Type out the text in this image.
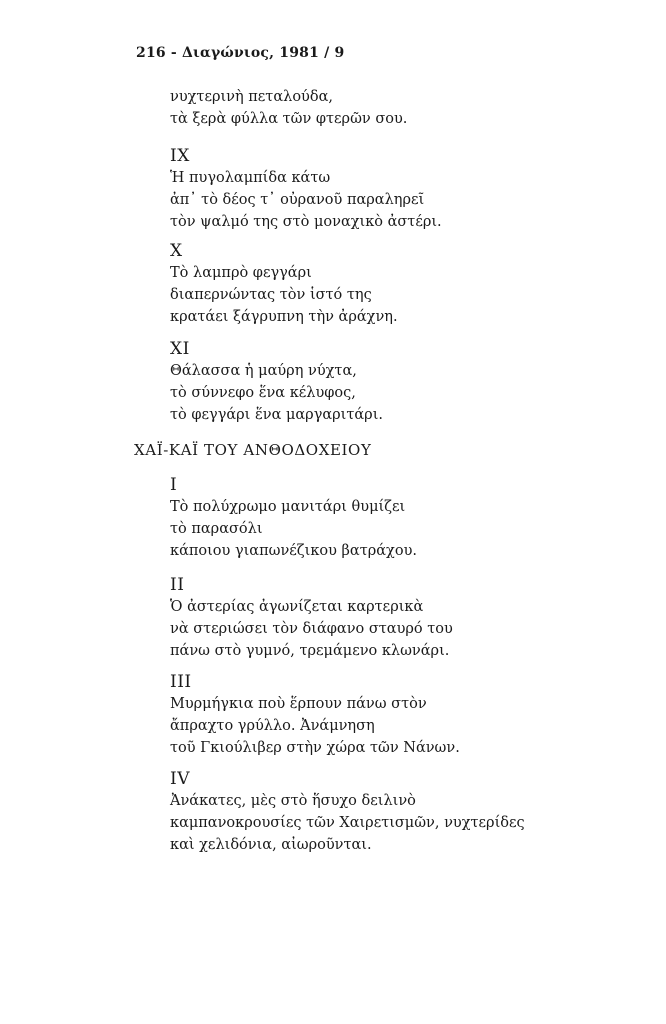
216 - Διαγώνιος, 1981 / 9
νυχτερινὴ πεταλούδα,
τὰ ξερὰ φύλλα τῶν φτερῶν σου.
IX
Ἡ πυγολαμπίδα κάτω
ἀπ᾿ τὸ δέος τ᾿ οὐρανοῦ παραληρεῖ
τὸν ψαλμό της στὸ μοναχικὸ ἀστέρι.
X
Τὸ λαμπρὸ φεγγάρι
διαπερνώντας τὸν ἱστό της
κρατάει ξάγρυπνη τὴν ἀράχνη.
XI
Θάλασσα ἡ μαύρη νύχτα,
τὸ σύννεφο ἕνα κέλυφος,
τὸ φεγγάρι ἕνα μαργαριτάρι.
ΧΑΪ-ΚΑΪ ΤΟΥ ΑΝΘΟΔΟΧΕΙΟΥ
I
Τὸ πολύχρωμο μανιτάρι θυμίζει
τὸ παρασόλι
κάποιου γιαπωνέζικου βατράχου.
II
Ὁ ἀστερίας ἀγωνίζεται καρτερικὰ
νὰ στεριώσει τὸν διάφανο σταυρό του
πάνω στὸ γυμνό, τρεμάμενο κλωνάρι.
III
Μυρμήγκια ποὺ ἕρπουν πάνω στὸν
ἄπραχτο γρύλλο. Ἀνάμνηση
τοῦ Γκιούλιβερ στὴν χώρα τῶν Νάνων.
IV
Ἀνάκατες, μὲς στὸ ἥσυχο δειλινὸ
καμπανοκρουσίες τῶν Χαιρετισμῶν, νυχτερίδες
καὶ χελιδόνια, αἰωροῦνται.
